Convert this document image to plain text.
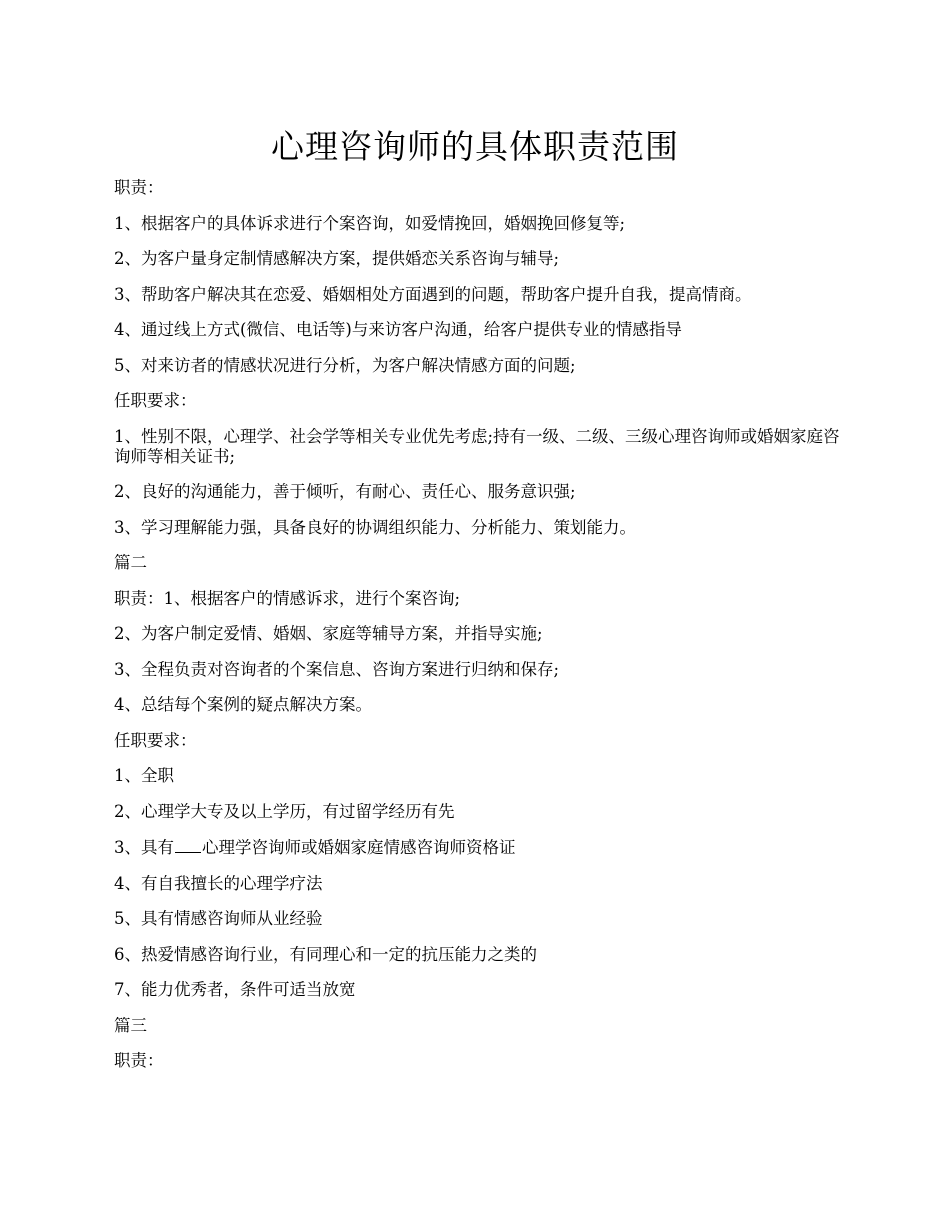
心理咨询师的具体职责范围

职责：

1、根据客户的具体诉求进行个案咨询，如爱情挽回，婚姻挽回修复等;

2、为客户量身定制情感解决方案，提供婚恋关系咨询与辅导;

3、帮助客户解决其在恋爱、婚姻相处方面遇到的问题，帮助客户提升自我，提高情商。

4、通过线上方式(微信、电话等)与来访客户沟通，给客户提供专业的情感指导

5、对来访者的情感状况进行分析，为客户解决情感方面的问题;

任职要求：

1、性别不限，心理学、社会学等相关专业优先考虑;持有一级、二级、三级心理咨询师或婚姻家庭咨询师等相关证书;

2、良好的沟通能力，善于倾听，有耐心、责任心、服务意识强;

3、学习理解能力强，具备良好的协调组织能力、分析能力、策划能力。

篇二

职责：1、根据客户的情感诉求，进行个案咨询;

2、为客户制定爱情、婚姻、家庭等辅导方案，并指导实施;

3、全程负责对咨询者的个案信息、咨询方案进行归纳和保存;

4、总结每个案例的疑点解决方案。

任职要求：

1、全职

2、心理学大专及以上学历，有过留学经历有先

3、具有 心理学咨询师或婚姻家庭情感咨询师资格证

4、有自我擅长的心理学疗法

5、具有情感咨询师从业经验

6、热爱情感咨询行业，有同理心和一定的抗压能力之类的

7、能力优秀者，条件可适当放宽

篇三

职责：
